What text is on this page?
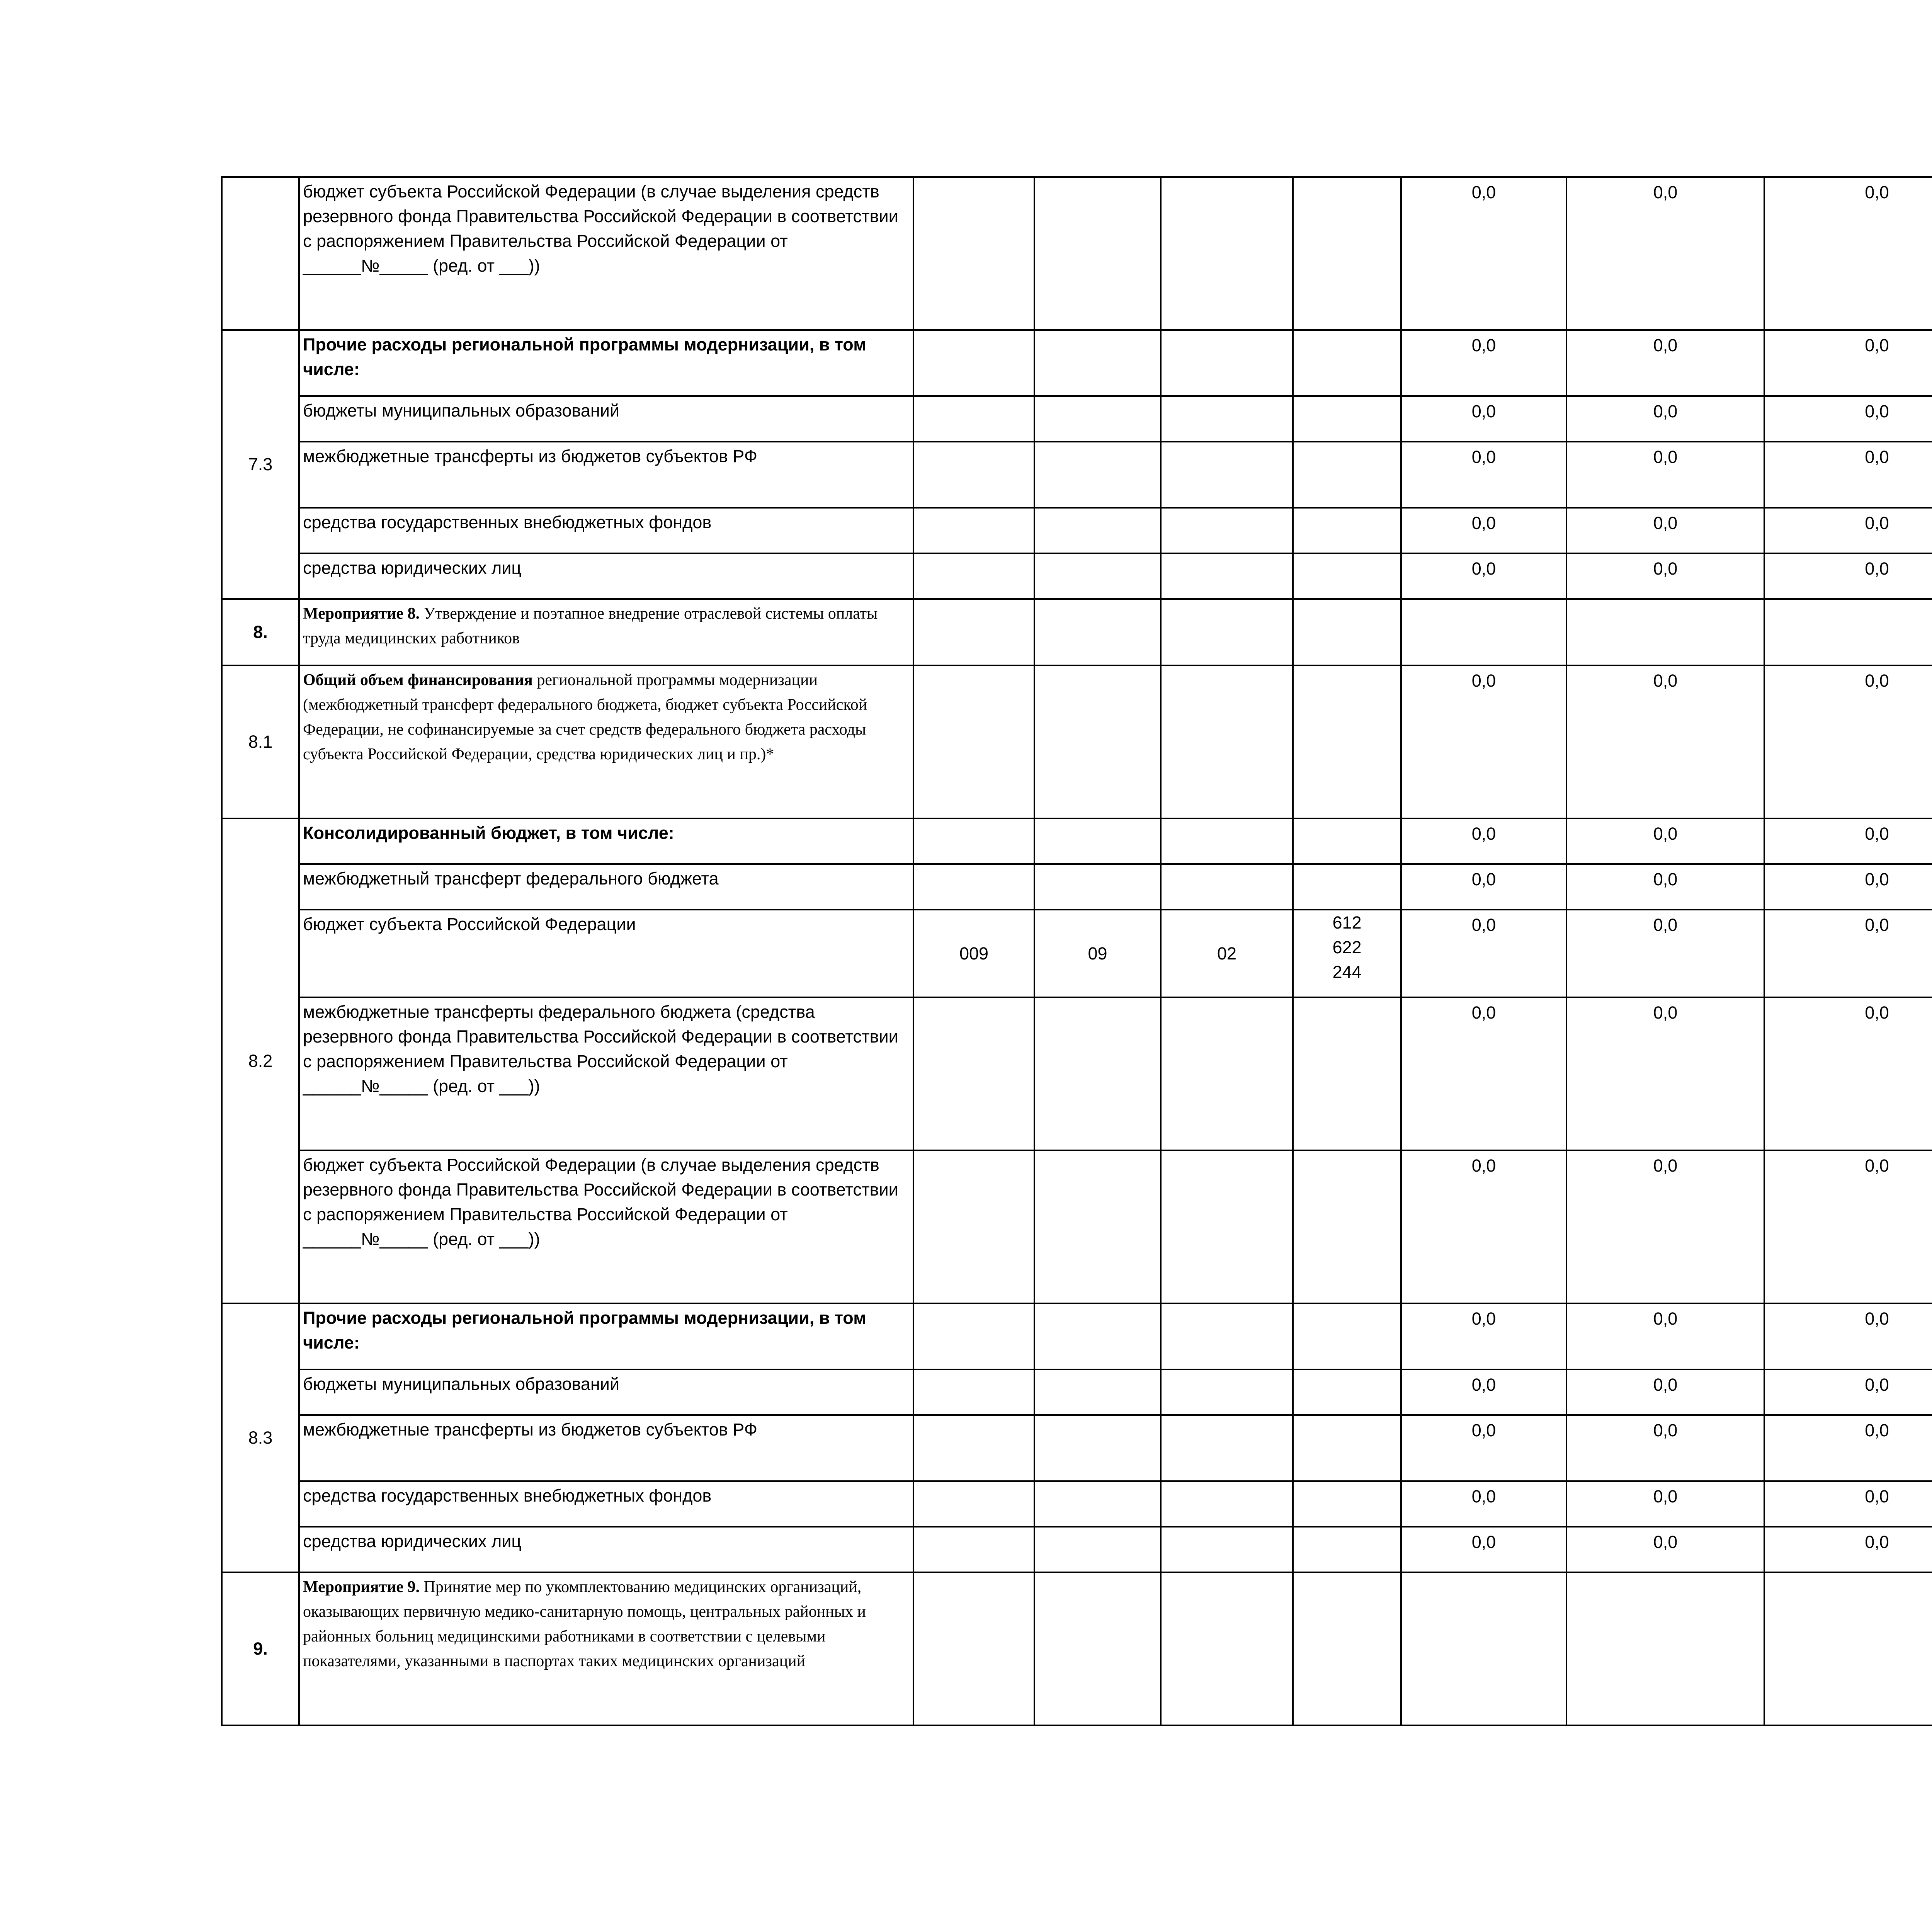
	бюджет субъекта Российской Федерации (в случае выделения средств резервного фонда Правительства Российской Федерации в соответствии с распоряжением Правительства Российской Федерации от ______№_____ (ред. от ___))					0,0	0,0	0,0			
7.3	Прочие расходы региональной программы модернизации, в том числе:					0,0	0,0	0,0			
	бюджеты муниципальных образований					0,0	0,0	0,0			
	межбюджетные трансферты из бюджетов субъектов РФ					0,0	0,0	0,0			
	средства государственных внебюджетных фондов					0,0	0,0	0,0			
	средства юридических лиц					0,0	0,0	0,0			
8.	Мероприятие 8. Утверждение и поэтапное внедрение отраслевой системы оплаты труда медицинских работников										
8.1	Общий объем финансирования региональной программы модернизации (межбюджетный трансферт федерального бюджета, бюджет субъекта Российской Федерации, не софинансируемые за счет средств федерального бюджета расходы субъекта Российской Федерации, средства юридических лиц и пр.)*					0,0	0,0	0,0			
8.2	Консолидированный бюджет, в том числе:					0,0	0,0	0,0			
	межбюджетный трансферт федерального бюджета					0,0	0,0	0,0			
	бюджет субъекта Российской Федерации	009	09	02	612
622
244	0,0	0,0	0,0			
	межбюджетные трансферты федерального бюджета (средства резервного фонда Правительства Российской Федерации в соответствии с распоряжением Правительства Российской Федерации от ______№_____ (ред. от ___))					0,0	0,0	0,0			
	бюджет субъекта Российской Федерации (в случае выделения средств резервного фонда Правительства Российской Федерации в соответствии с распоряжением Правительства Российской Федерации от ______№_____ (ред. от ___))					0,0	0,0	0,0			
8.3	Прочие расходы региональной программы модернизации, в том числе:					0,0	0,0	0,0			
	бюджеты муниципальных образований					0,0	0,0	0,0			
	межбюджетные трансферты из бюджетов субъектов РФ					0,0	0,0	0,0			
	средства государственных внебюджетных фондов					0,0	0,0	0,0			
	средства юридических лиц					0,0	0,0	0,0			
9.	Мероприятие 9. Принятие мер по укомплектованию медицинских организаций, оказывающих первичную медико-санитарную помощь, центральных районных и районных больниц медицинскими работниками в соответствии с целевыми показателями, указанными в паспортах таких медицинских организаций										
